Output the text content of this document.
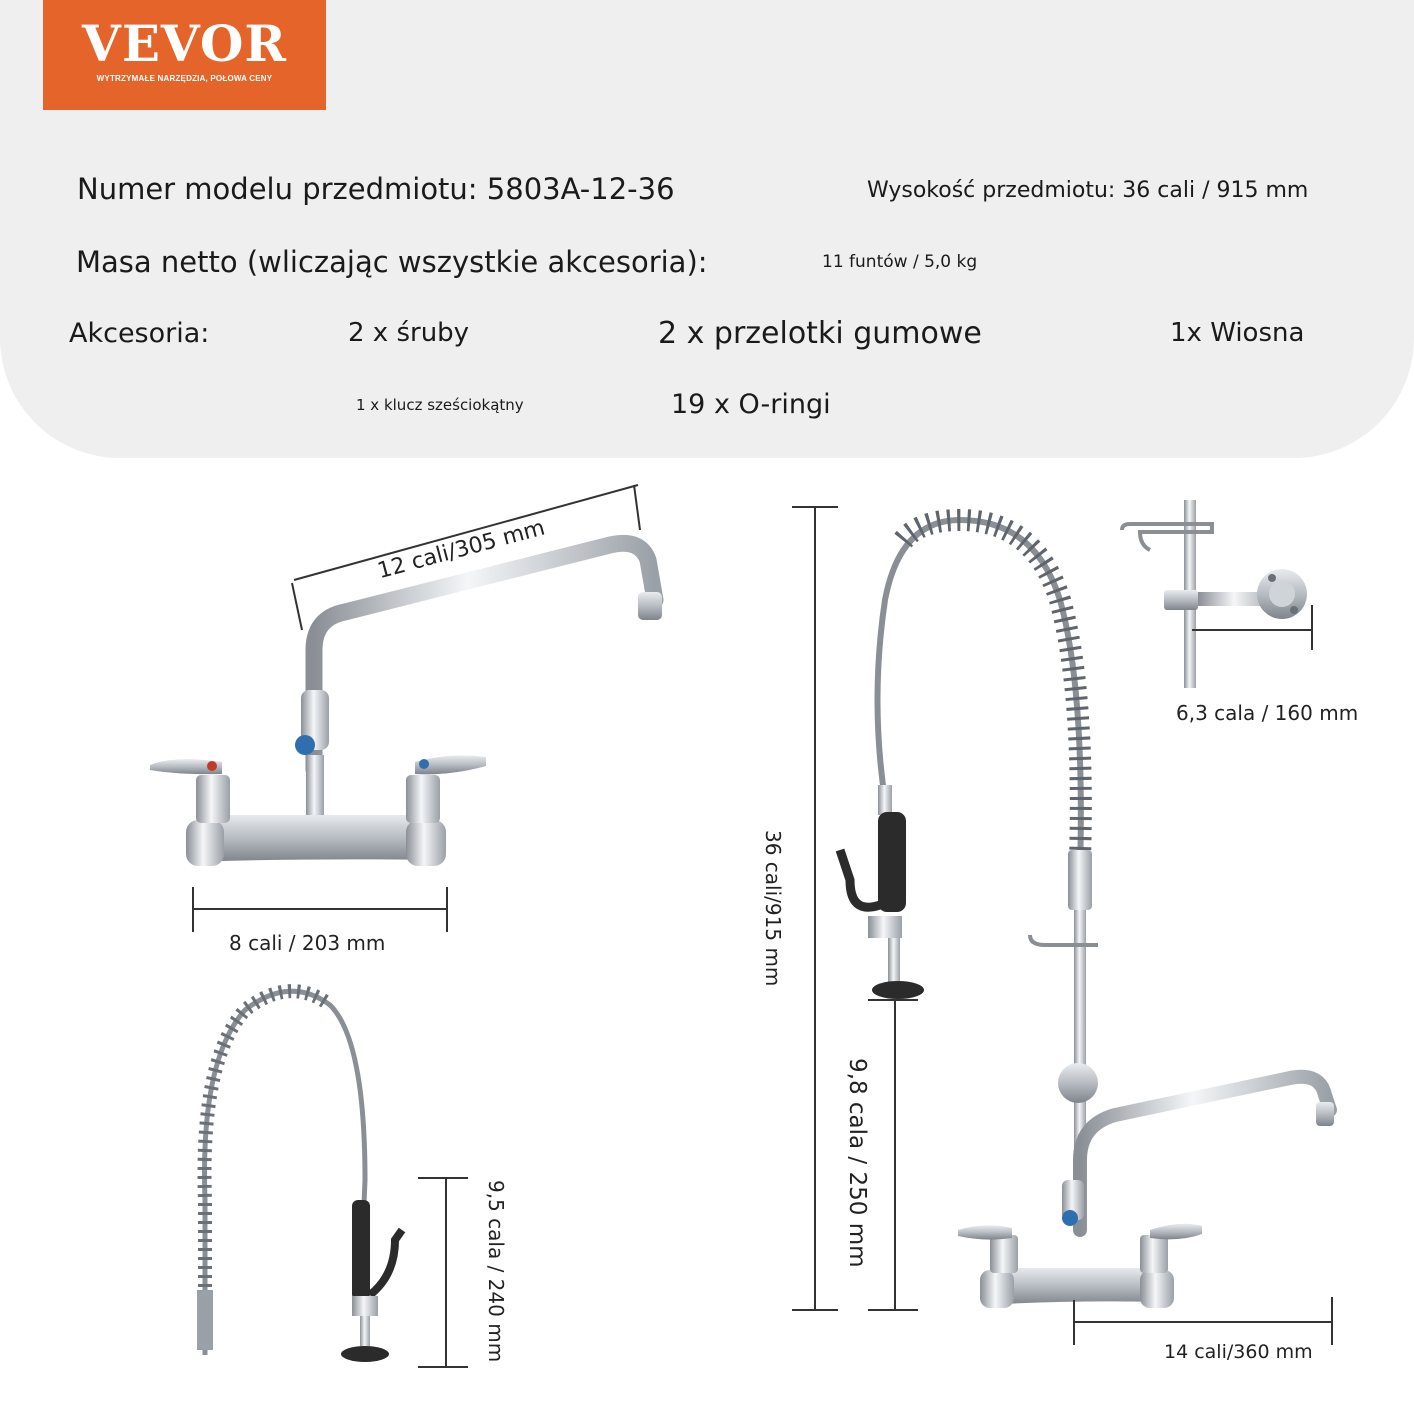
VEVOR
WYTRZYMAŁE NARZĘDZIA, POŁOWA CENY
Numer modelu przedmiotu: 5803A-12-36	Wysokość przedmiotu: 36 cali / 915 mm
Masa netto (wliczając wszystkie akcesoria):	11 funtów / 5,0 kg
Akcesoria:	2 x śruby	2 x przelotki gumowe	1x Wiosna
1 x klucz sześciokątny	19 x O-ringi
12 cali/305 mm
8 cali / 203 mm
9,5 cala / 240 mm
36 cali/915 mm
9,8 cala / 250 mm
6,3 cala / 160 mm
14 cali/360 mm
